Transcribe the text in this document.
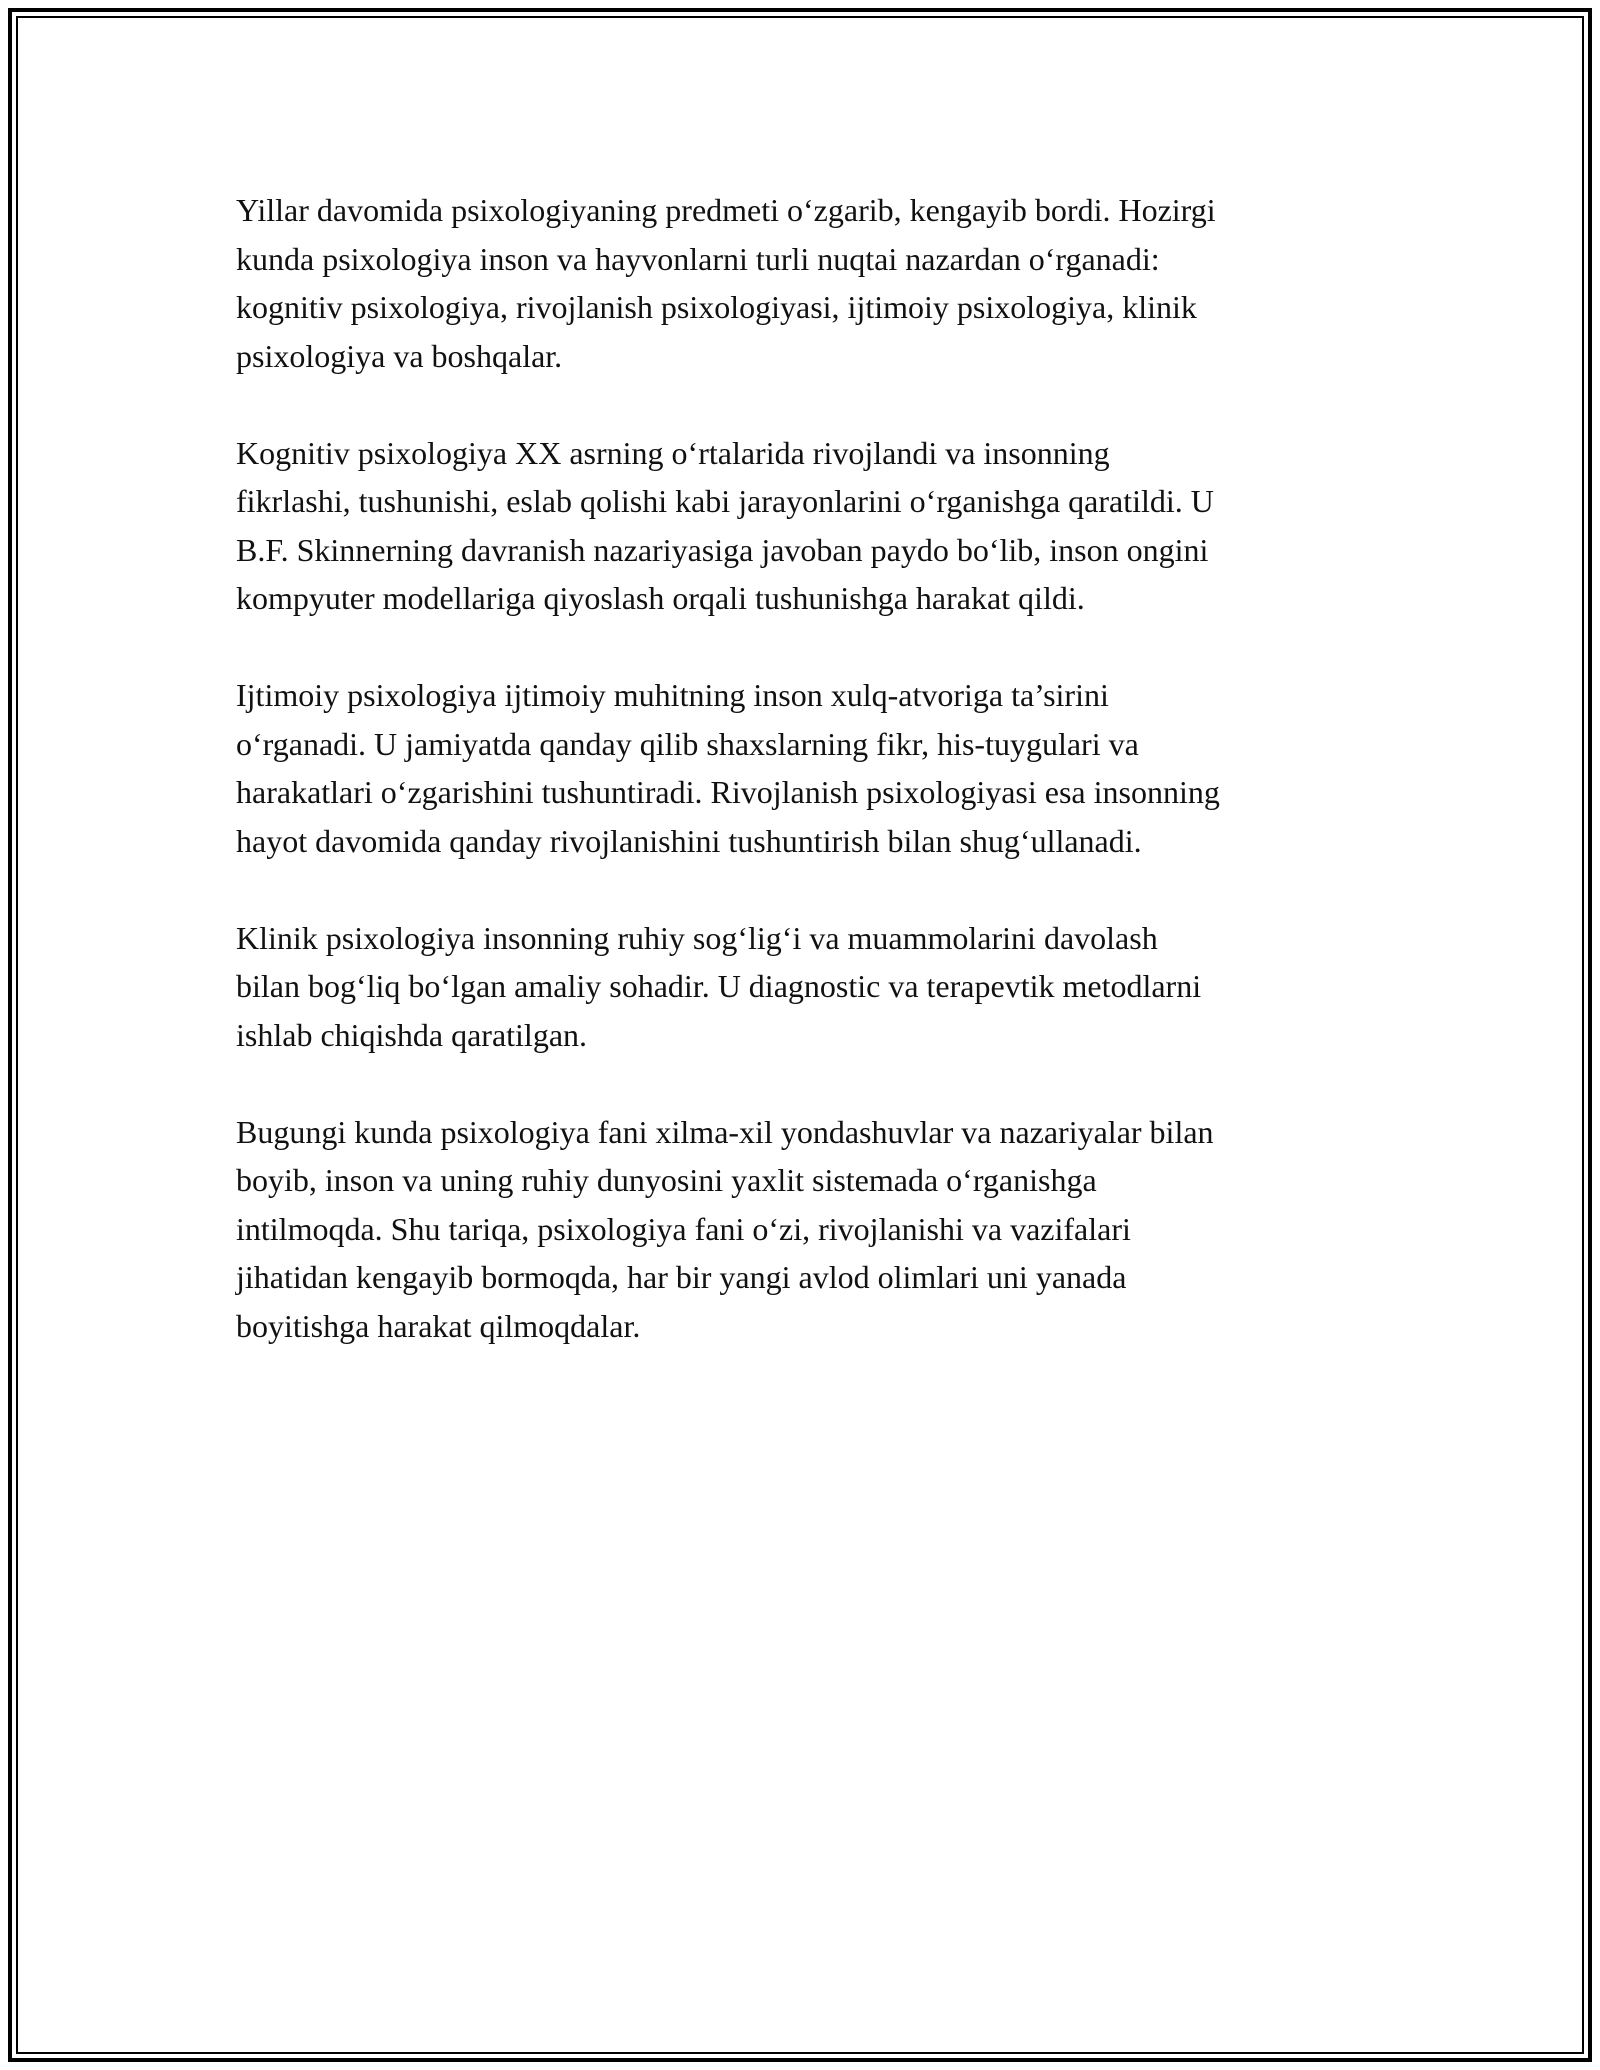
Yillar davomida psixologiyaning predmeti o‘zgarib, kengayib bordi. Hozirgi
kunda psixologiya inson va hayvonlarni turli nuqtai nazardan o‘rganadi:
kognitiv psixologiya, rivojlanish psixologiyasi, ijtimoiy psixologiya, klinik
psixologiya va boshqalar.

Kognitiv psixologiya XX asrning o‘rtalarida rivojlandi va insonning
fikrlashi, tushunishi, eslab qolishi kabi jarayonlarini o‘rganishga qaratildi. U
B.F. Skinnerning davranish nazariyasiga javoban paydo bo‘lib, inson ongini
kompyuter modellariga qiyoslash orqali tushunishga harakat qildi.

Ijtimoiy psixologiya ijtimoiy muhitning inson xulq-atvoriga ta’sirini
o‘rganadi. U jamiyatda qanday qilib shaxslarning fikr, his-tuygulari va
harakatlari o‘zgarishini tushuntiradi. Rivojlanish psixologiyasi esa insonning
hayot davomida qanday rivojlanishini tushuntirish bilan shug‘ullanadi.

Klinik psixologiya insonning ruhiy sog‘lig‘i va muammolarini davolash
bilan bog‘liq bo‘lgan amaliy sohadir. U diagnostic va terapevtik metodlarni
ishlab chiqishda qaratilgan.

Bugungi kunda psixologiya fani xilma-xil yondashuvlar va nazariyalar bilan
boyib, inson va uning ruhiy dunyosini yaxlit sistemada o‘rganishga
intilmoqda. Shu tariqa, psixologiya fani o‘zi, rivojlanishi va vazifalari
jihatidan kengayib bormoqda, har bir yangi avlod olimlari uni yanada
boyitishga harakat qilmoqdalar.
